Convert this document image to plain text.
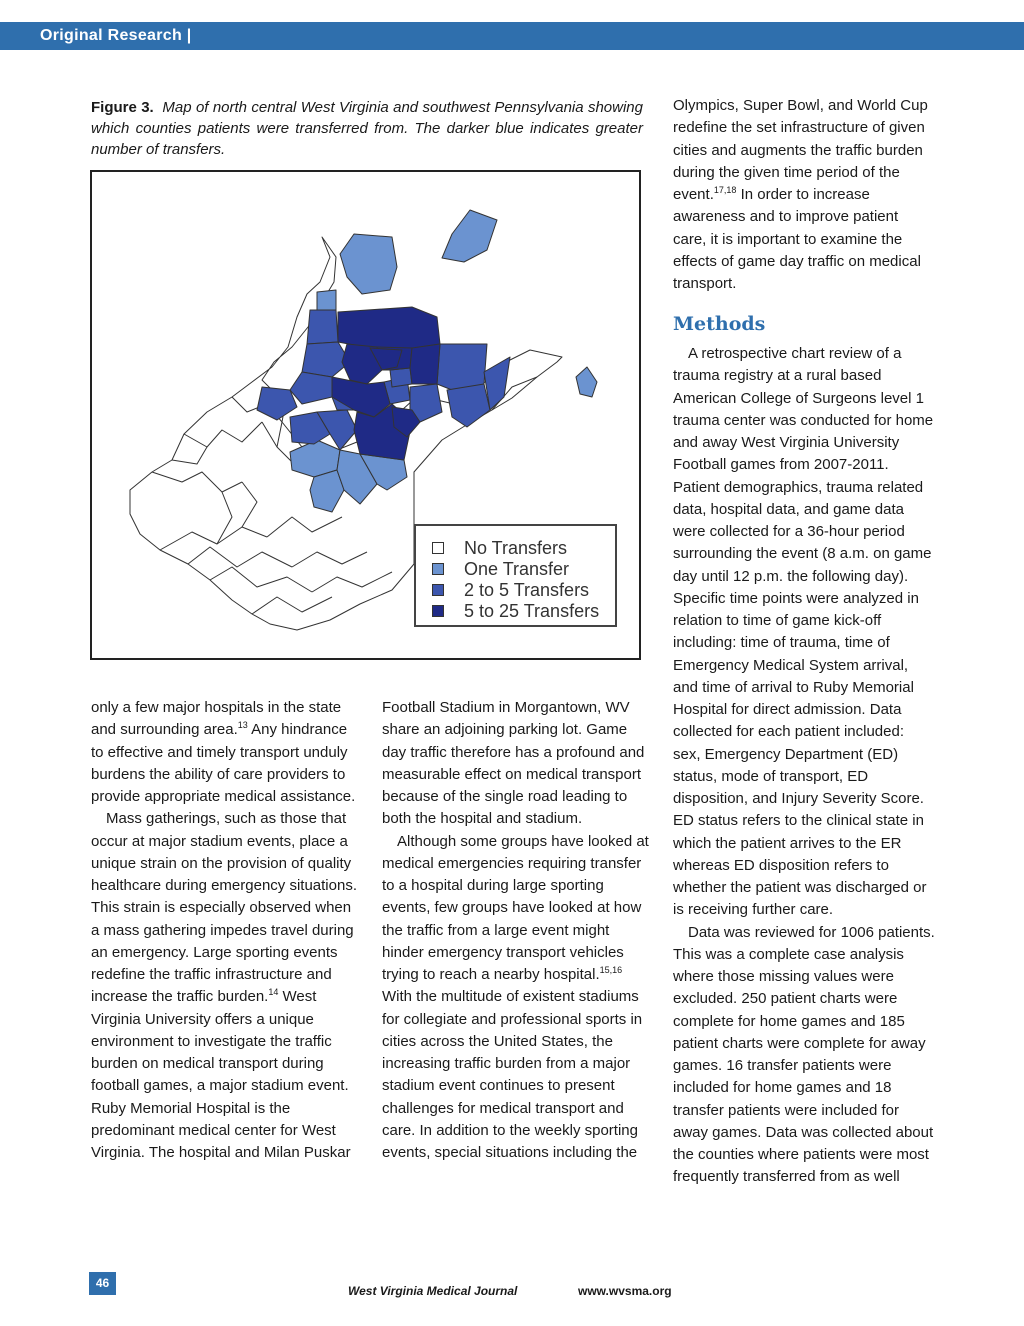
Original Research |
Figure 3. Map of north central West Virginia and southwest Pennsylvania showing which counties patients were transferred from. The darker blue indicates greater number of transfers.
No Transfers
One Transfer
2 to 5 Transfers
5 to 25 Transfers

only a few major hospitals in the state and surrounding area.$^{13}$ Any hindrance to effective and timely transport unduly burdens the ability of care providers to provide appropriate medical assistance.

Mass gatherings, such as those that occur at major stadium events, place a unique strain on the provision of quality healthcare during emergency situations. This strain is especially observed when a mass gathering impedes travel during an emergency. Large sporting events redefine the traffic infrastructure and increase the traffic burden.$^{14}$ West Virginia University offers a unique environment to investigate the traffic burden on medical transport during football games, a major stadium event. Ruby Memorial Hospital is the predominant medical center for West Virginia. The hospital and Milan Puskar

Football Stadium in Morgantown, WV share an adjoining parking lot. Game day traffic therefore has a profound and measurable effect on medical transport because of the single road leading to both the hospital and stadium.

Although some groups have looked at medical emergencies requiring transfer to a hospital during large sporting events, few groups have looked at how the traffic from a large event might hinder emergency transport vehicles trying to reach a nearby hospital.$^{15,16}$ With the multitude of existent stadiums for collegiate and professional sports in cities across the United States, the increasing traffic burden from a major stadium event continues to present challenges for medical transport and care. In addition to the weekly sporting events, special situations including the

Olympics, Super Bowl, and World Cup redefine the set infrastructure of given cities and augments the traffic burden during the given time period of the event.$^{17,18}$ In order to increase awareness and to improve patient care, it is important to examine the effects of game day traffic on medical transport.

Methods

A retrospective chart review of a trauma registry at a rural based American College of Surgeons level 1 trauma center was conducted for home and away West Virginia University Football games from 2007-2011. Patient demographics, trauma related data, hospital data, and game data were collected for a 36-hour period surrounding the event (8 a.m. on game day until 12 p.m. the following day). Specific time points were analyzed in relation to time of game kick-off including: time of trauma, time of Emergency Medical System arrival, and time of arrival to Ruby Memorial Hospital for direct admission. Data collected for each patient included: sex, Emergency Department (ED) status, mode of transport, ED disposition, and Injury Severity Score. ED status refers to the clinical state in which the patient arrives to the ER whereas ED disposition refers to whether the patient was discharged or is receiving further care.

Data was reviewed for 1006 patients. This was a complete case analysis where those missing values were excluded. 250 patient charts were complete for home games and 185 patient charts were complete for away games. 16 transfer patients were included for home games and 18 transfer patients were included for away games. Data was collected about the counties where patients were most frequently transferred from as well

46
West Virginia Medical Journal	www.wvsma.org
